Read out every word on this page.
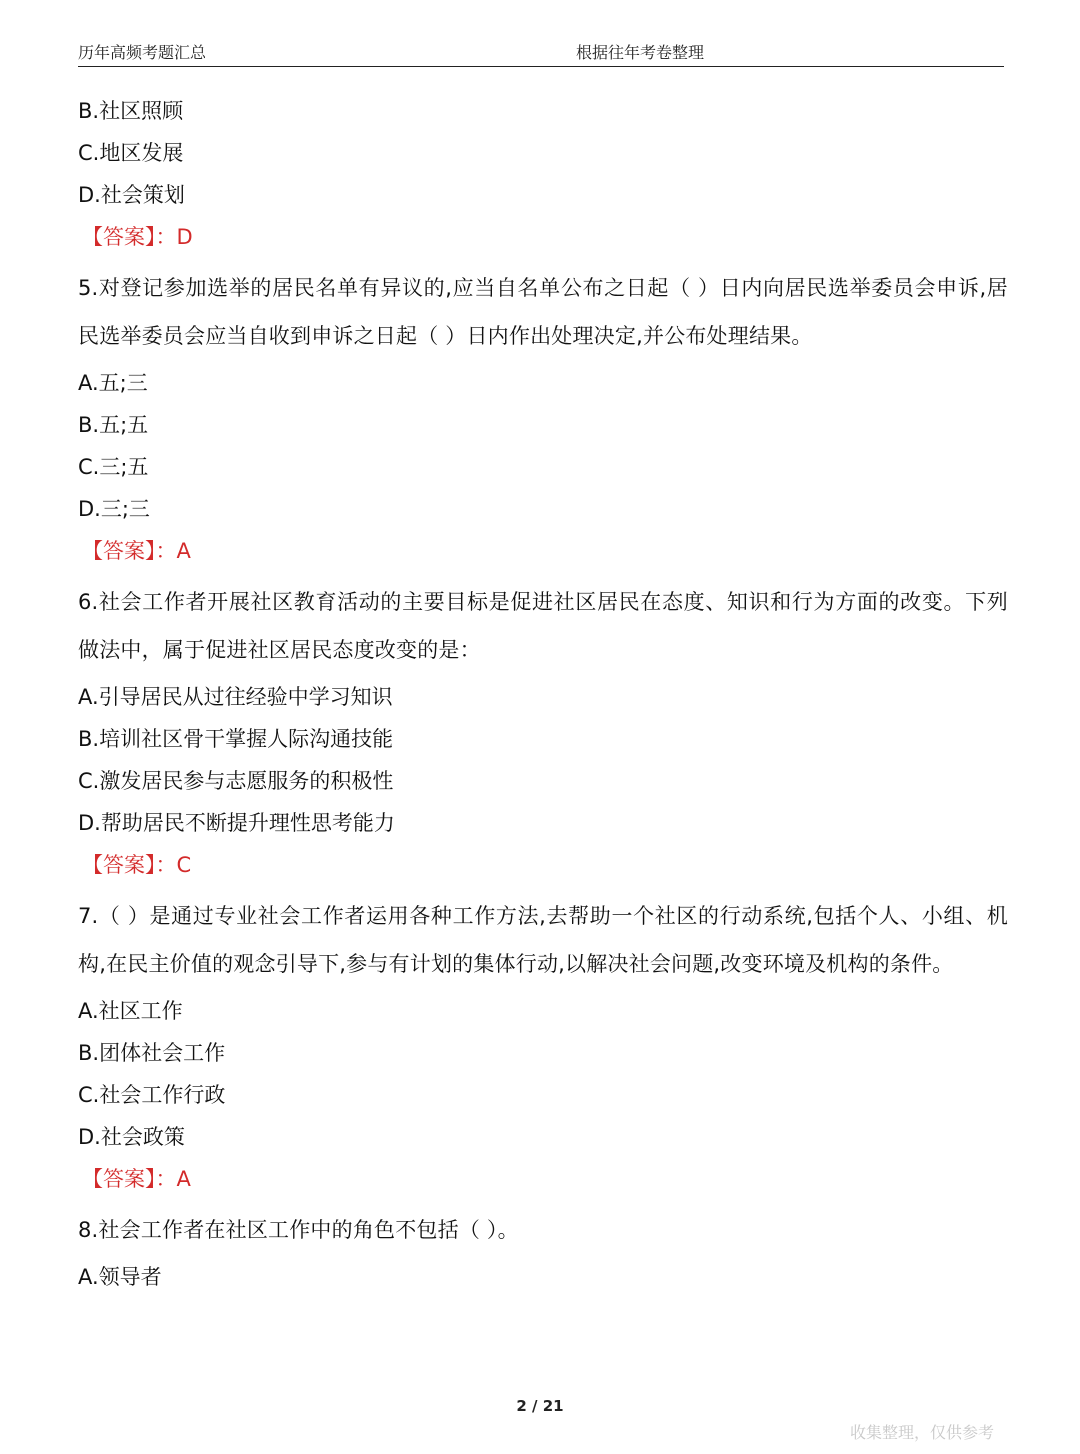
历年高频考题汇总	根据往年考卷整理
B.社区照顾
C.地区发展
D.社会策划
【答案】：D
5.对登记参加选举的居民名单有异议的,应当自名单公布之日起（ ）日内向居民选举委员会申诉,居民选举委员会应当自收到申诉之日起（ ）日内作出处理决定,并公布处理结果。
A.五;三
B.五;五
C.三;五
D.三;三
【答案】：A
6.社会工作者开展社区教育活动的主要目标是促进社区居民在态度、知识和行为方面的改变。下列做法中，属于促进社区居民态度改变的是：
A.引导居民从过往经验中学习知识
B.培训社区骨干掌握人际沟通技能
C.激发居民参与志愿服务的积极性
D.帮助居民不断提升理性思考能力
【答案】：C
7.（ ）是通过专业社会工作者运用各种工作方法,去帮助一个社区的行动系统,包括个人、小组、机构,在民主价值的观念引导下,参与有计划的集体行动,以解决社会问题,改变环境及机构的条件。
A.社区工作
B.团体社会工作
C.社会工作行政
D.社会政策
【答案】：A
8.社会工作者在社区工作中的角色不包括（ ）。
A.领导者
2 / 21
收集整理，仅供参考
